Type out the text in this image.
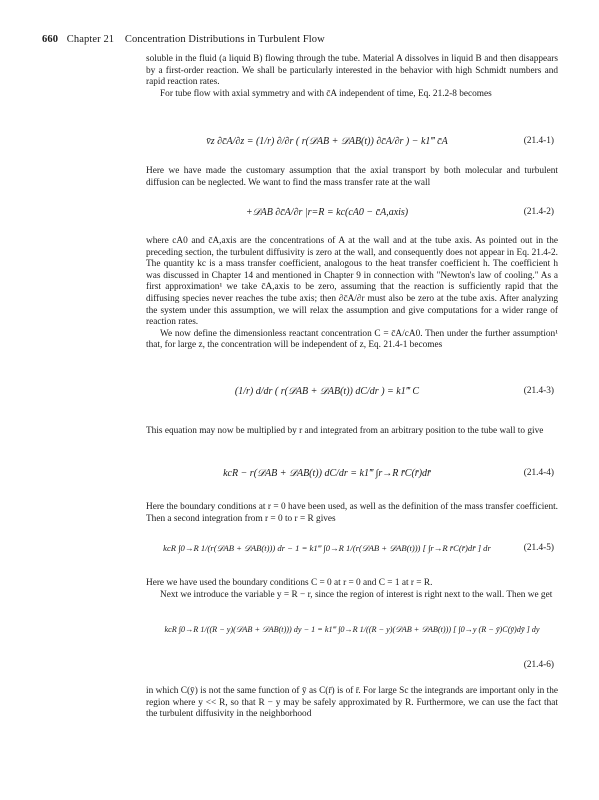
660 Chapter 21 Concentration Distributions in Turbulent Flow

soluble in the fluid (a liquid B) flowing through the tube. Material A dissolves in liquid B and then disappears by a first-order reaction. We shall be particularly interested in the behavior with high Schmidt numbers and rapid reaction rates.

For tube flow with axial symmetry and with c̄A independent of time, Eq. 21.2-8 becomes

v̄z ∂c̄A/∂z = (1/r) ∂/∂r ( r(𝒟AB + 𝒟AB(t)) ∂c̄A/∂r ) − k1‴ c̄A	(21.4-1)

Here we have made the customary assumption that the axial transport by both molecular and turbulent diffusion can be neglected. We want to find the mass transfer rate at the wall

+𝒟AB ∂c̄A/∂r |r=R = kc(cA0 − c̄A,axis)	(21.4-2)

where cA0 and c̄A,axis are the concentrations of A at the wall and at the tube axis. As pointed out in the preceding section, the turbulent diffusivity is zero at the wall, and consequently does not appear in Eq. 21.4-2. The quantity kc is a mass transfer coefficient, analogous to the heat transfer coefficient h. The coefficient h was discussed in Chapter 14 and mentioned in Chapter 9 in connection with "Newton's law of cooling." As a first approximation¹ we take c̄A,axis to be zero, assuming that the reaction is sufficiently rapid that the diffusing species never reaches the tube axis; then ∂c̄A/∂r must also be zero at the tube axis. After analyzing the system under this assumption, we will relax the assumption and give computations for a wider range of reaction rates.

We now define the dimensionless reactant concentration C = c̄A/cA0. Then under the further assumption¹ that, for large z, the concentration will be independent of z, Eq. 21.4-1 becomes

(1/r) d/dr ( r(𝒟AB + 𝒟AB(t)) dC/dr ) = k1‴ C	(21.4-3)

This equation may now be multiplied by r and integrated from an arbitrary position to the tube wall to give

kcR − r(𝒟AB + 𝒟AB(t)) dC/dr = k1‴ ∫r→R r̄C(r̄)dr̄	(21.4-4)

Here the boundary conditions at r = 0 have been used, as well as the definition of the mass transfer coefficient. Then a second integration from r = 0 to r = R gives

kcR ∫0→R 1/(r(𝒟AB + 𝒟AB(t))) dr − 1 = k1‴ ∫0→R 1/(r(𝒟AB + 𝒟AB(t))) [ ∫r→R r̄C(r̄)dr̄ ] dr	(21.4-5)

Here we have used the boundary conditions C = 0 at r = 0 and C = 1 at r = R.

Next we introduce the variable y = R − r, since the region of interest is right next to the wall. Then we get

kcR ∫0→R 1/((R − y)(𝒟AB + 𝒟AB(t))) dy − 1 = k1‴ ∫0→R 1/((R − y)(𝒟AB + 𝒟AB(t))) [ ∫0→y (R − ȳ)C(ȳ)dȳ ] dy
(21.4-6)

in which C(ȳ) is not the same function of ȳ as C(r̄) is of r̄. For large Sc the integrands are important only in the region where y << R, so that R − y may be safely approximated by R. Furthermore, we can use the fact that the turbulent diffusivity in the neighborhood
